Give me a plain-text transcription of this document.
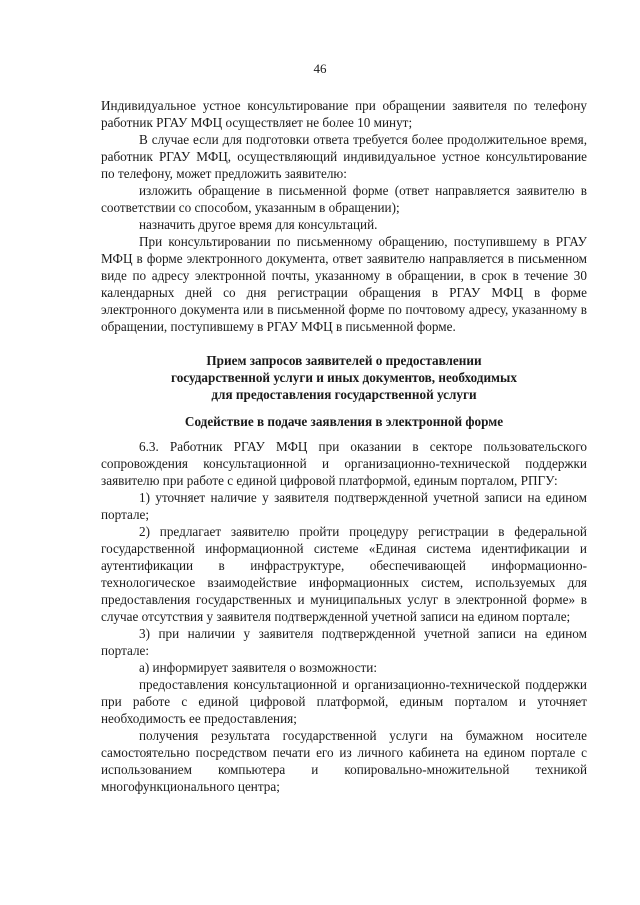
46

Индивидуальное устное консультирование при обращении заявителя по телефону работник РГАУ МФЦ осуществляет не более 10 минут;

В случае если для подготовки ответа требуется более продолжительное время, работник РГАУ МФЦ, осуществляющий индивидуальное устное консультирование по телефону, может предложить заявителю:

изложить обращение в письменной форме (ответ направляется заявителю в соответствии со способом, указанным в обращении);

назначить другое время для консультаций.

При консультировании по письменному обращению, поступившему в РГАУ МФЦ в форме электронного документа, ответ заявителю направляется в письменном виде по адресу электронной почты, указанному в обращении, в срок в течение 30 календарных дней со дня регистрации обращения в РГАУ МФЦ в форме электронного документа или в письменной форме по почтовому адресу, указанному в обращении, поступившему в РГАУ МФЦ в письменной форме.

Прием запросов заявителей о предоставлении
государственной услуги и иных документов, необходимых
для предоставления государственной услуги
Содействие в подаче заявления в электронной форме

6.3. Работник РГАУ МФЦ при оказании в секторе пользовательского сопровождения консультационной и организационно-технической поддержки заявителю при работе с единой цифровой платформой, единым порталом, РПГУ:

1) уточняет наличие у заявителя подтвержденной учетной записи на едином портале;

2) предлагает заявителю пройти процедуру регистрации в федеральной государственной информационной системе «Единая система идентификации и аутентификации в инфраструктуре, обеспечивающей информационно-технологическое взаимодействие информационных систем, используемых для предоставления государственных и муниципальных услуг в электронной форме» в случае отсутствия у заявителя подтвержденной учетной записи на едином портале;

3) при наличии у заявителя подтвержденной учетной записи на едином портале:

а) информирует заявителя о возможности:

предоставления консультационной и организационно-технической поддержки при работе с единой цифровой платформой, единым порталом и уточняет необходимость ее предоставления;

получения результата государственной услуги на бумажном носителе самостоятельно посредством печати его из личного кабинета на едином портале с использованием компьютера и копировально-множительной техникой многофункционального центра;
